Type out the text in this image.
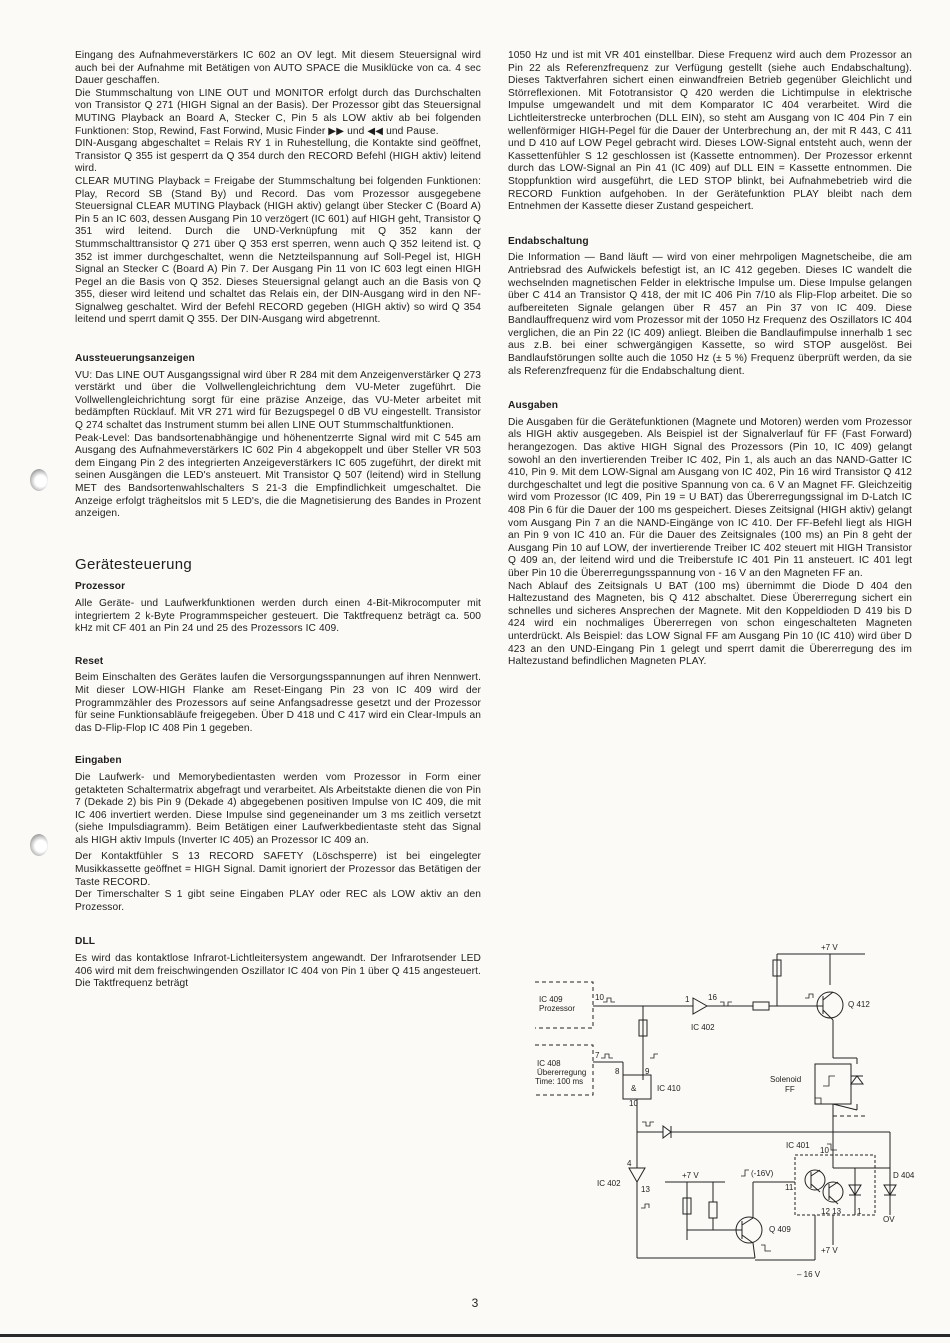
Eingang des Aufnahmeverstärkers IC 602 an OV legt. Mit diesem Steuersignal wird auch bei der Aufnahme mit Betätigen von AUTO SPACE die Musiklücke von ca. 4 sec Dauer geschaffen.

Die Stummschaltung von LINE OUT und MONITOR erfolgt durch das Durchschalten von Transistor Q 271 (HIGH Signal an der Basis). Der Prozessor gibt das Steuersignal MUTING Playback an Board A, Stecker C, Pin 5 als LOW aktiv ab bei folgenden Funktionen: Stop, Rewind, Fast Forwind, Music Finder ▶▶ und ◀◀ und Pause.

DIN-Ausgang abgeschaltet = Relais RY 1 in Ruhestellung, die Kontakte sind geöffnet, Transistor Q 355 ist gesperrt da Q 354 durch den RECORD Befehl (HIGH aktiv) leitend wird.

CLEAR MUTING Playback = Freigabe der Stummschaltung bei folgenden Funktionen: Play, Record SB (Stand By) und Record. Das vom Prozessor ausgegebene Steuersignal CLEAR MUTING Playback (HIGH aktiv) gelangt über Stecker C (Board A) Pin 5 an IC 603, dessen Ausgang Pin 10 verzögert (IC 601) auf HIGH geht, Transistor Q 351 wird leitend. Durch die UND-Verknüpfung mit Q 352 kann der Stummschalttransistor Q 271 über Q 353 erst sperren, wenn auch Q 352 leitend ist. Q 352 ist immer durchgeschaltet, wenn die Netzteilspannung auf Soll-Pegel ist, HIGH Signal an Stecker C (Board A) Pin 7. Der Ausgang Pin 11 von IC 603 legt einen HIGH Pegel an die Basis von Q 352. Dieses Steuersignal gelangt auch an die Basis von Q 355, dieser wird leitend und schaltet das Relais ein, der DIN-Ausgang wird in den NF-Signalweg geschaltet. Wird der Befehl RECORD gegeben (HIGH aktiv) so wird Q 354 leitend und sperrt damit Q 355. Der DIN-Ausgang wird abgetrennt.

Aussteuerungsanzeigen

VU: Das LINE OUT Ausgangssignal wird über R 284 mit dem Anzeigenverstärker Q 273 verstärkt und über die Vollwellengleichrichtung dem VU-Meter zugeführt. Die Vollwellengleichrichtung sorgt für eine präzise Anzeige, das VU-Meter arbeitet mit bedämpften Rücklauf. Mit VR 271 wird für Bezugspegel 0 dB VU eingestellt. Transistor Q 274 schaltet das Instrument stumm bei allen LINE OUT Stummschaltfunktionen.

Peak-Level: Das bandsortenabhängige und höhenentzerrte Signal wird mit C 545 am Ausgang des Aufnahmeverstärkers IC 602 Pin 4 abgekoppelt und über Steller VR 503 dem Eingang Pin 2 des integrierten Anzeigeverstärkers IC 605 zugeführt, der direkt mit seinen Ausgängen die LED's ansteuert. Mit Transistor Q 507 (leitend) wird in Stellung MET des Bandsortenwahlschalters S 21-3 die Empfindlichkeit umgeschaltet. Die Anzeige erfolgt trägheitslos mit 5 LED's, die die Magnetisierung des Bandes in Prozent anzeigen.

Gerätesteuerung
Prozessor

Alle Geräte- und Laufwerkfunktionen werden durch einen 4-Bit-Mikrocomputer mit integriertem 2 k-Byte Programmspeicher gesteuert. Die Taktfrequenz beträgt ca. 500 kHz mit CF 401 an Pin 24 und 25 des Prozessors IC 409.

Reset

Beim Einschalten des Gerätes laufen die Versorgungsspannungen auf ihren Nennwert. Mit dieser LOW-HIGH Flanke am Reset-Eingang Pin 23 von IC 409 wird der Programmzähler des Prozessors auf seine Anfangsadresse gesetzt und der Prozessor für seine Funktionsabläufe freigegeben. Über D 418 und C 417 wird ein Clear-Impuls an das D-Flip-Flop IC 408 Pin 1 gegeben.

Eingaben

Die Laufwerk- und Memorybedientasten werden vom Prozessor in Form einer getakteten Schaltermatrix abgefragt und verarbeitet. Als Arbeitstakte dienen die von Pin 7 (Dekade 2) bis Pin 9 (Dekade 4) abgegebenen positiven Impulse von IC 409, die mit IC 406 invertiert werden. Diese Impulse sind gegeneinander um 3 ms zeitlich versetzt (siehe Impulsdiagramm). Beim Betätigen einer Laufwerkbedientaste steht das Signal als HIGH aktiv Impuls (Inverter IC 405) an Prozessor IC 409 an.

Der Kontaktfühler S 13 RECORD SAFETY (Löschsperre) ist bei eingelegter Musikkassette geöffnet = HIGH Signal. Damit ignoriert der Prozessor das Betätigen der Taste RECORD.

Der Timerschalter S 1 gibt seine Eingaben PLAY oder REC als LOW aktiv an den Prozessor.

DLL

Es wird das kontaktlose Infrarot-Lichtleitersystem angewandt. Der Infrarotsender LED 406 wird mit dem freischwingenden Oszillator IC 404 von Pin 1 über Q 415 angesteuert. Die Taktfrequenz beträgt

1050 Hz und ist mit VR 401 einstellbar. Diese Frequenz wird auch dem Prozessor an Pin 22 als Referenzfrequenz zur Verfügung gestellt (siehe auch Endabschaltung). Dieses Taktverfahren sichert einen einwandfreien Betrieb gegenüber Gleichlicht und Störreflexionen. Mit Fototransistor Q 420 werden die Lichtimpulse in elektrische Impulse umgewandelt und mit dem Komparator IC 404 verarbeitet. Wird die Lichtleiterstrecke unterbrochen (DLL EIN), so steht am Ausgang von IC 404 Pin 7 ein wellenförmiger HIGH-Pegel für die Dauer der Unterbrechung an, der mit R 443, C 411 und D 410 auf LOW Pegel gebracht wird. Dieses LOW-Signal entsteht auch, wenn der Kassettenfühler S 12 geschlossen ist (Kassette entnommen). Der Prozessor erkennt durch das LOW-Signal an Pin 41 (IC 409) auf DLL EIN = Kassette entnommen. Die Stoppfunktion wird ausgeführt, die LED STOP blinkt, bei Aufnahmebetrieb wird die RECORD Funktion aufgehoben. In der Gerätefunktion PLAY bleibt nach dem Entnehmen der Kassette dieser Zustand gespeichert.

Endabschaltung

Die Information — Band läuft — wird von einer mehrpoligen Magnetscheibe, die am Antriebsrad des Aufwickels befestigt ist, an IC 412 gegeben. Dieses IC wandelt die wechselnden magnetischen Felder in elektrische Impulse um. Diese Impulse gelangen über C 414 an Transistor Q 418, der mit IC 406 Pin 7/10 als Flip-Flop arbeitet. Die so aufbereiteten Signale gelangen über R 457 an Pin 37 von IC 409. Diese Bandlauffrequenz wird vom Prozessor mit der 1050 Hz Frequenz des Oszillators IC 404 verglichen, die an Pin 22 (IC 409) anliegt. Bleiben die Bandlaufimpulse innerhalb 1 sec aus z.B. bei einer schwergängigen Kassette, so wird STOP ausgelöst. Bei Bandlaufstörungen sollte auch die 1050 Hz (± 5 %) Frequenz überprüft werden, da sie als Referenzfrequenz für die Endabschaltung dient.

Ausgaben

Die Ausgaben für die Gerätefunktionen (Magnete und Motoren) werden vom Prozessor als HIGH aktiv ausgegeben. Als Beispiel ist der Signalverlauf für FF (Fast Forward) herangezogen. Das aktive HIGH Signal des Prozessors (Pin 10, IC 409) gelangt sowohl an den invertierenden Treiber IC 402, Pin 1, als auch an das NAND-Gatter IC 410, Pin 9. Mit dem LOW-Signal am Ausgang von IC 402, Pin 16 wird Transistor Q 412 durchgeschaltet und legt die positive Spannung von ca. 6 V an Magnet FF. Gleichzeitig wird vom Prozessor (IC 409, Pin 19 = U BAT) das Übererregungssignal im D-Latch IC 408 Pin 6 für die Dauer der 100 ms gespeichert. Dieses Zeitsignal (HIGH aktiv) gelangt vom Ausgang Pin 7 an die NAND-Eingänge von IC 410. Der FF-Befehl liegt als HIGH an Pin 9 von IC 410 an. Für die Dauer des Zeitsignales (100 ms) an Pin 8 geht der Ausgang Pin 10 auf LOW, der invertierende Treiber IC 402 steuert mit HIGH Transistor Q 409 an, der leitend wird und die Treiberstufe IC 401 Pin 11 ansteuert. IC 401 legt über Pin 10 die Übererregungsspannung von - 16 V an den Magneten FF an.

Nach Ablauf des Zeitsignals U BAT (100 ms) übernimmt die Diode D 404 den Haltezustand des Magneten, bis Q 412 abschaltet. Diese Übererregung sichert ein schnelles und sicheres Ansprechen der Magnete. Mit den Koppeldioden D 419 bis D 424 wird ein nochmaliges Übererregen von schon eingeschalteten Magneten unterdrückt. Als Beispiel: das LOW Signal FF am Ausgang Pin 10 (IC 410) wird über D 423 an den UND-Eingang Pin 1 gelegt und sperrt damit die Übererregung des im Haltezustand befindlichen Magneten PLAY.

+7 V
IC 409
Prozessor
10	1 16
IC 402
Q 412
IC 408
Übererregung
Time: 100 ms
7
&
8	9
IC 410
10
Solenoid
FF
IC 401
10
D 404
OV
12 13 1
+7 V
– 16 V
4
13
IC 402
+7 V
Q 409
(-16V)
11
3
